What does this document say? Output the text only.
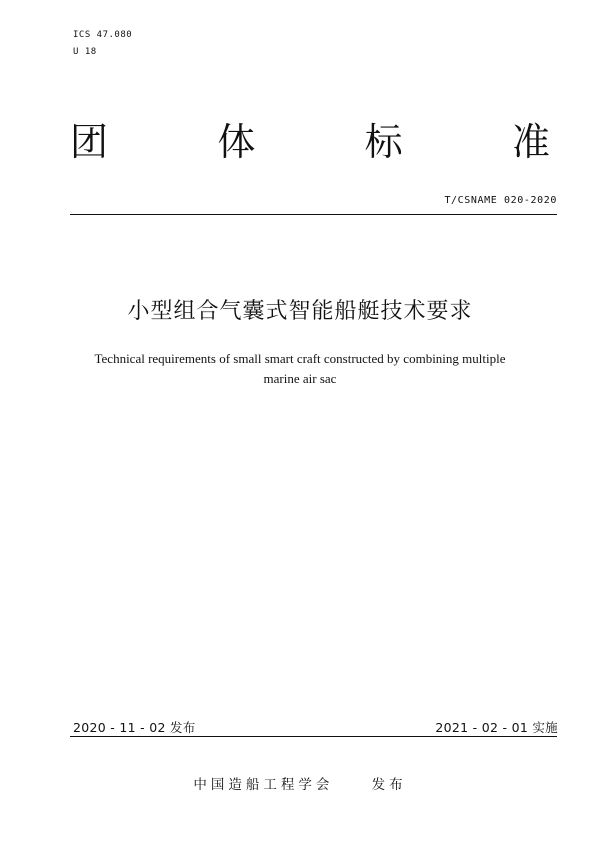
ICS 47.080
U 18
团	体	标	准
T/CSNAME 020-2020
小型组合气囊式智能船艇技术要求
Technical requirements of small smart craft constructed by combining multiple
marine air sac
2020 - 11 - 02 发布	2021 - 02 - 01 实施
中国造船工程学会	发布
